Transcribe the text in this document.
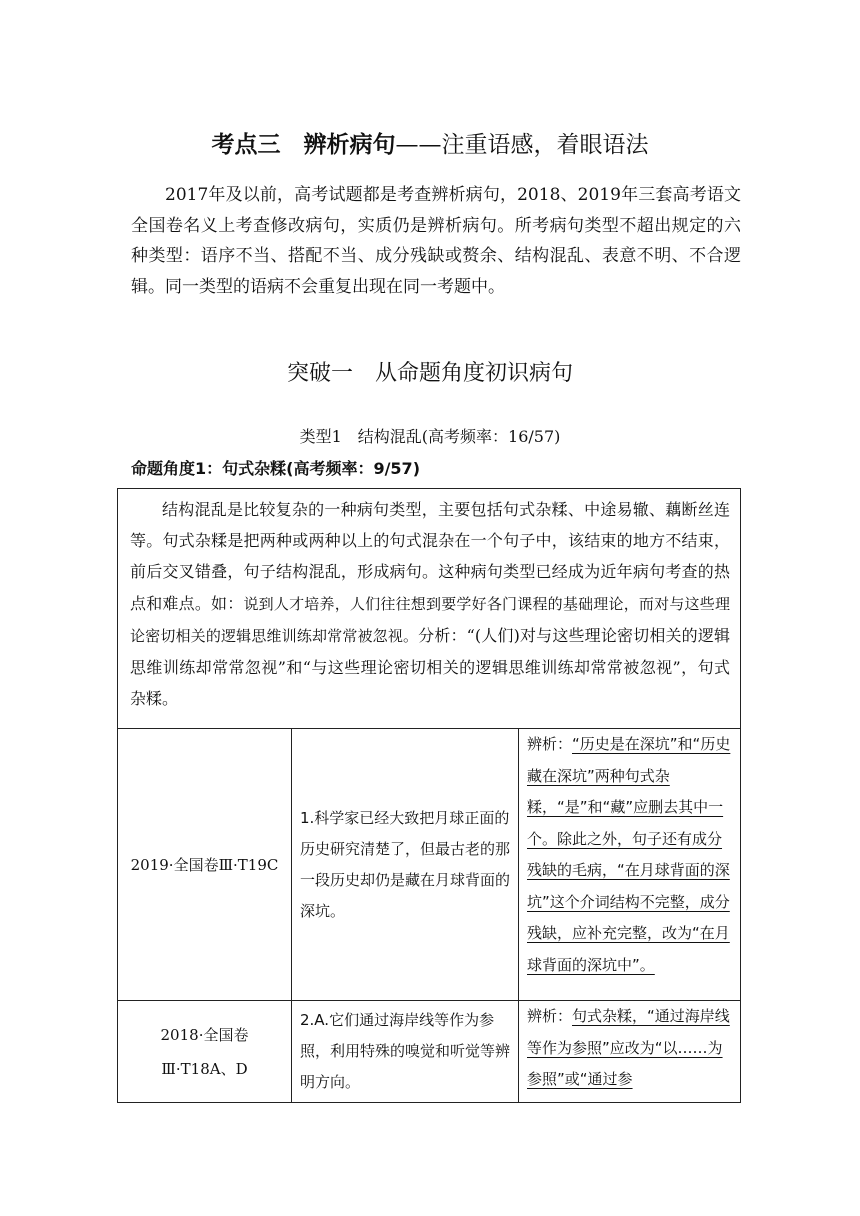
考点三　辨析病句——注重语感，着眼语法
2017年及以前，高考试题都是考查辨析病句，2018、2019年三套高考语文全国卷名义上考查修改病句，实质仍是辨析病句。所考病句类型不超出规定的六种类型：语序不当、搭配不当、成分残缺或赘余、结构混乱、表意不明、不合逻辑。同一类型的语病不会重复出现在同一考题中。
突破一　从命题角度初识病句
类型1　结构混乱(高考频率：16/57)
命题角度1：句式杂糅(高考频率：9/57)
结构混乱是比较复杂的一种病句类型，主要包括句式杂糅、中途易辙、藕断丝连等。句式杂糅是把两种或两种以上的句式混杂在一个句子中，该结束的地方不结束，前后交叉错叠，句子结构混乱，形成病句。这种病句类型已经成为近年病句考查的热点和难点。如：说到人才培养，人们往往想到要学好各门课程的基础理论，而对与这些理论密切相关的逻辑思维训练却常常被忽视。分析：“(人们)对与这些理论密切相关的逻辑思维训练却常常忽视”和“与这些理论密切相关的逻辑思维训练却常常被忽视”，句式杂糅。
2019·全国卷Ⅲ·T19C	1.科学家已经大致把月球正面的历史研究清楚了，但最古老的那一段历史却仍是藏在月球背面的深坑。	辨析：“历史是在深坑”和“历史藏在深坑”两种句式杂糅，“是”和“藏”应删去其中一个。除此之外，句子还有成分残缺的毛病，“在月球背面的深坑”这个介词结构不完整，成分残缺，应补充完整，改为“在月球背面的深坑中”。
2018·全国卷Ⅲ·T18A、D	2.A.它们通过海岸线等作为参照，利用特殊的嗅觉和听觉等辨明方向。	辨析：句式杂糅，“通过海岸线等作为参照”应改为“以……为参照”或“通过参
